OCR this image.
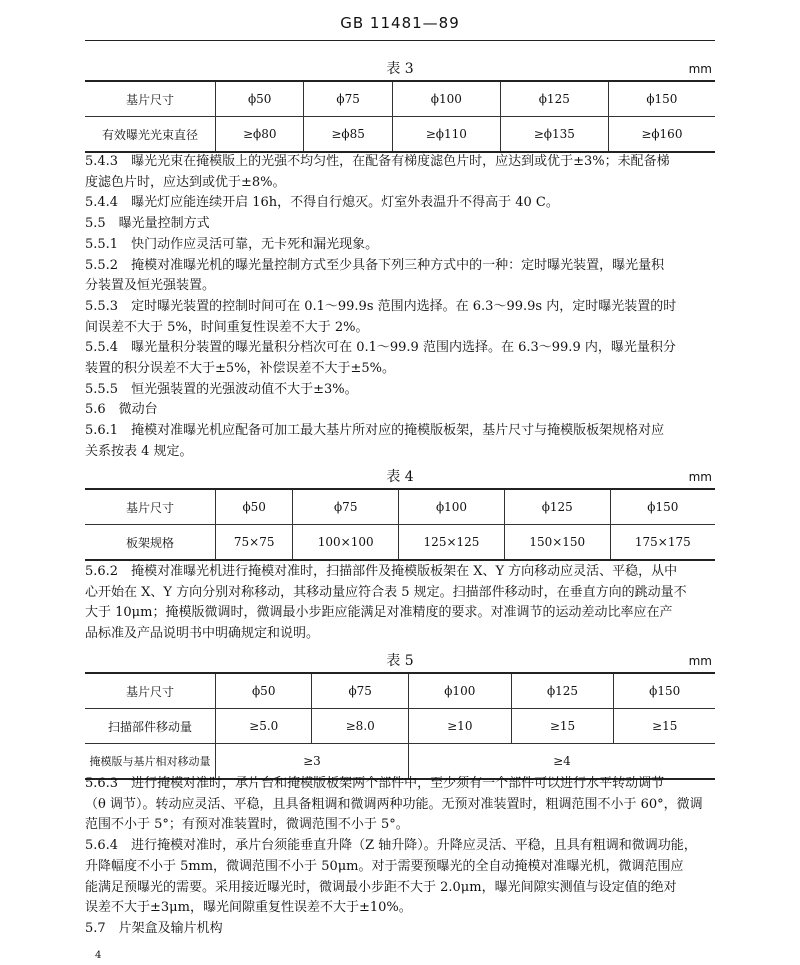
GB 11481—89
表 3	mm
基片尺寸	ϕ50	ϕ75	ϕ100	ϕ125	ϕ150
有效曝光光束直径	≥ϕ80	≥ϕ85	≥ϕ110	≥ϕ135	≥ϕ160

5.4.3　曝光光束在掩模版上的光强不均匀性，在配备有梯度滤色片时，应达到或优于±3%；未配备梯

度滤色片时，应达到或优于±8%。

5.4.4　曝光灯应能连续开启 16h，不得自行熄灭。灯室外表温升不得高于 40 C。

5.5　曝光量控制方式

5.5.1　快门动作应灵活可靠，无卡死和漏光现象。

5.5.2　掩模对准曝光机的曝光量控制方式至少具备下列三种方式中的一种：定时曝光装置，曝光量积

分装置及恒光强装置。

5.5.3　定时曝光装置的控制时间可在 0.1～99.9s 范围内选择。在 6.3～99.9s 内，定时曝光装置的时

间误差不大于 5%，时间重复性误差不大于 2%。

5.5.4　曝光量积分装置的曝光量积分档次可在 0.1～99.9 范围内选择。在 6.3～99.9 内，曝光量积分

装置的积分误差不大于±5%，补偿误差不大于±5%。

5.5.5　恒光强装置的光强波动值不大于±3%。

5.6　微动台

5.6.1　掩模对准曝光机应配备可加工最大基片所对应的掩模版板架，基片尺寸与掩模版板架规格对应

关系按表 4 规定。

表 4	mm
基片尺寸	ϕ50	ϕ75	ϕ100	ϕ125	ϕ150
板架规格	75×75	100×100	125×125	150×150	175×175

5.6.2　掩模对准曝光机进行掩模对准时，扫描部件及掩模版板架在 X、Y 方向移动应灵活、平稳，从中

心开始在 X、Y 方向分别对称移动，其移动量应符合表 5 规定。扫描部件移动时，在垂直方向的跳动量不

大于 10μm；掩模版微调时，微调最小步距应能满足对准精度的要求。对准调节的运动差动比率应在产

品标准及产品说明书中明确规定和说明。

表 5	mm
基片尺寸	ϕ50	ϕ75	ϕ100	ϕ125	ϕ150
扫描部件移动量	≥5.0	≥8.0	≥10	≥15	≥15
掩模版与基片相对移动量	≥3		≥4		

5.6.3　进行掩模对准时，承片台和掩模版板架两个部件中，至少须有一个部件可以进行水平转动调节

（θ 调节）。转动应灵活、平稳，且具备粗调和微调两种功能。无预对准装置时，粗调范围不小于 60°，微调

范围不小于 5°；有预对准装置时，微调范围不小于 5°。

5.6.4　进行掩模对准时，承片台须能垂直升降（Z 轴升降）。升降应灵活、平稳，且具有粗调和微调功能，

升降幅度不小于 5mm，微调范围不小于 50μm。对于需要预曝光的全自动掩模对准曝光机，微调范围应

能满足预曝光的需要。采用接近曝光时，微调最小步距不大于 2.0μm，曝光间隙实测值与设定值的绝对

误差不大于±3μm，曝光间隙重复性误差不大于±10%。

5.7　片架盒及输片机构

4
